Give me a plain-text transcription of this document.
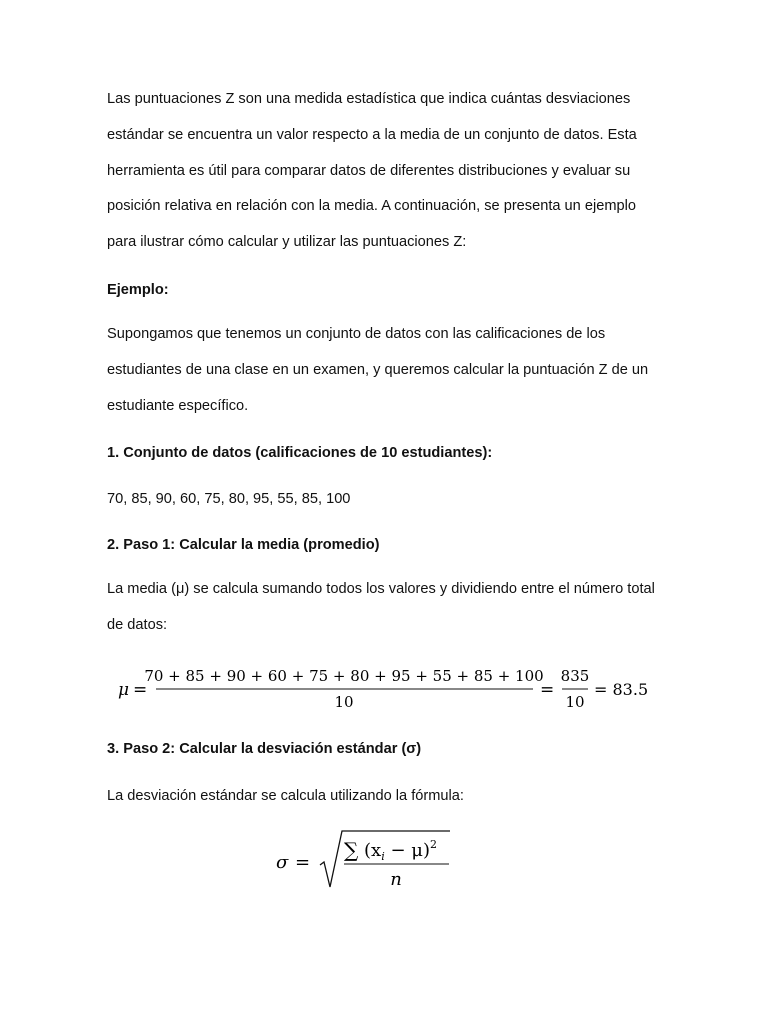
Las puntuaciones Z son una medida estadística que indica cuántas desviaciones estándar se encuentra un valor respecto a la media de un conjunto de datos. Esta herramienta es útil para comparar datos de diferentes distribuciones y evaluar su posición relativa en relación con la media. A continuación, se presenta un ejemplo para ilustrar cómo calcular y utilizar las puntuaciones Z:

Ejemplo:

Supongamos que tenemos un conjunto de datos con las calificaciones de los estudiantes de una clase en un examen, y queremos calcular la puntuación Z de un estudiante específico.

1. Conjunto de datos (calificaciones de 10 estudiantes):

70, 85, 90, 60, 75, 80, 95, 55, 85, 100

2. Paso 1: Calcular la media (promedio)

La media (μ) se calcula sumando todos los valores y dividiendo entre el número total de datos:

3. Paso 2: Calcular la desviación estándar (σ)

La desviación estándar se calcula utilizando la fórmula:

μ =
70 + 85 + 90 + 60 + 75 + 80 + 95 + 55 + 85 + 100
10
=
835
10
= 83.5
σ =
∑ $(x_i - \mu)^2$
n
